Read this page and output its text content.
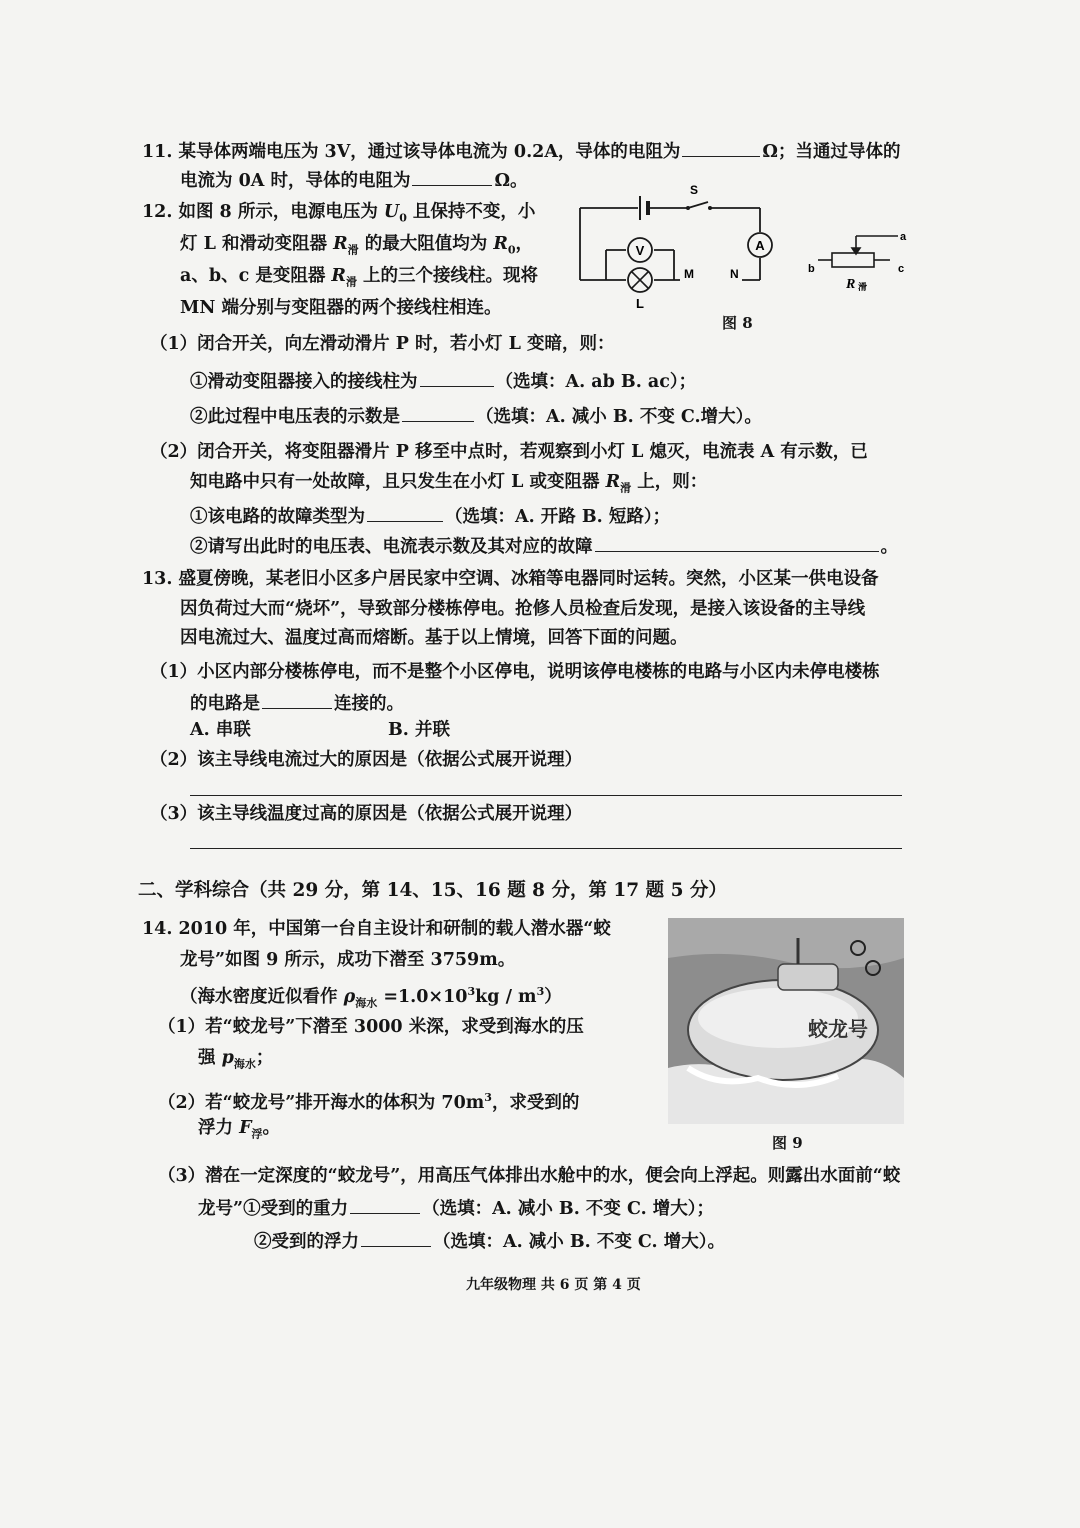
11. 某导体两端电压为 3V，通过该导体电流为 0.2A，导体的电阻为	Ω；当通过导体的
电流为 0A 时，导体的电阻为	Ω。
12. 如图 8 所示，电源电压为 $U_0$ 且保持不变，小
灯 L 和滑动变阻器 $R_滑$ 的最大阻值均为 $R_0$，
a、b、c 是变阻器 $R_滑$ 上的三个接线柱。现将
MN 端分别与变阻器的两个接线柱相连。
S
V
L
M	N
A
a
b	c
R 滑
图 8
（1）闭合开关，向左滑动滑片 P 时，若小灯 L 变暗，则：
①滑动变阻器接入的接线柱为	（选填：A. ab B. ac）；
②此过程中电压表的示数是	（选填：A. 减小 B. 不变 C.增大）。
（2）闭合开关，将变阻器滑片 P 移至中点时，若观察到小灯 L 熄灭，电流表 A 有示数，已
知电路中只有一处故障，且只发生在小灯 L 或变阻器 $R_滑$ 上，则：
①该电路的故障类型为	（选填：A. 开路 B. 短路）；
②请写出此时的电压表、电流表示数及其对应的故障	。
13. 盛夏傍晚，某老旧小区多户居民家中空调、冰箱等电器同时运转。突然，小区某一供电设备
因负荷过大而“烧坏”，导致部分楼栋停电。抢修人员检查后发现，是接入该设备的主导线
因电流过大、温度过高而熔断。基于以上情境，回答下面的问题。
（1）小区内部分楼栋停电，而不是整个小区停电，说明该停电楼栋的电路与小区内未停电楼栋
的电路是	连接的。
A. 串联	B. 并联
（2）该主导线电流过大的原因是（依据公式展开说理）
（3）该主导线温度过高的原因是（依据公式展开说理）
二、学科综合（共 29 分，第 14、15、16 题 8 分，第 17 题 5 分）
14. 2010 年，中国第一台自主设计和研制的载人潜水器“蛟
龙号”如图 9 所示，成功下潜至 3759m。
（海水密度近似看作 $\rho_{海水} =1.0\times 10^3kg / m^3$）
（1）若“蛟龙号”下潜至 3000 米深，求受到海水的压
强 $p_{海水}$；
（2）若“蛟龙号”排开海水的体积为 $70m^3$，求受到的
浮力 $F_浮$。
蛟龙号
图 9
（3）潜在一定深度的“蛟龙号”，用高压气体排出水舱中的水，便会向上浮起。则露出水面前“蛟
龙号”①受到的重力	（选填：A. 减小 B. 不变 C. 增大）；
②受到的浮力	（选填：A. 减小 B. 不变 C. 增大）。
九年级物理 共 6 页 第 4 页
